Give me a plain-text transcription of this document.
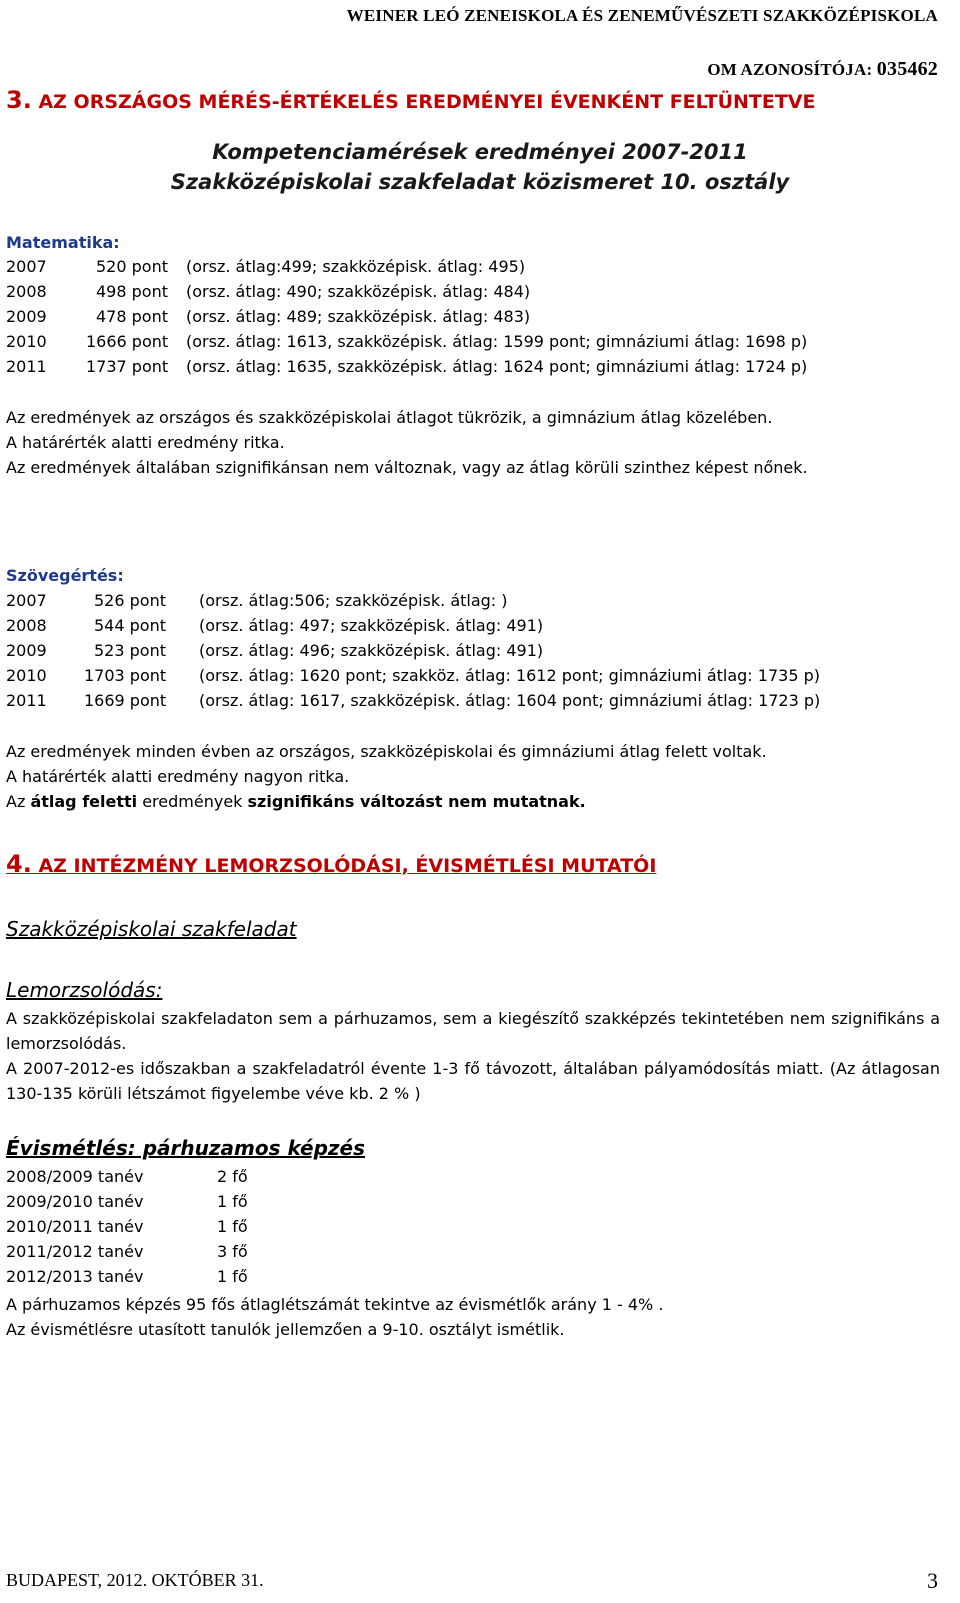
WEINER LEÓ ZENEISKOLA ÉS ZENEMŰVÉSZETI SZAKKÖZÉPISKOLA
OM AZONOSÍTÓJA: 035462
3. AZ ORSZÁGOS MÉRÉS-ÉRTÉKELÉS EREDMÉNYEI ÉVENKÉNT FELTÜNTETVE
Kompetenciamérések eredményei 2007-2011
Szakközépiskolai szakfeladat közismeret 10. osztály
Matematika:
2007	520 pont (orsz. átlag:499; szakközépisk. átlag: 495)
2008	498 pont (orsz. átlag: 490; szakközépisk. átlag: 484)
2009	478 pont (orsz. átlag: 489; szakközépisk. átlag: 483)
2010 1666 pont (orsz. átlag: 1613, szakközépisk. átlag: 1599 pont; gimnáziumi átlag: 1698 p)
2011 1737 pont (orsz. átlag: 1635, szakközépisk. átlag: 1624 pont; gimnáziumi átlag: 1724 p)
Az eredmények az országos és szakközépiskolai átlagot tükrözik, a gimnázium átlag közelében.
A határérték alatti eredmény ritka.
Az eredmények általában szignifikánsan nem változnak, vagy az átlag körüli szinthez képest nőnek.
Szövegértés:
2007	526 pont (orsz. átlag:506; szakközépisk. átlag: )
2008	544 pont (orsz. átlag: 497; szakközépisk. átlag: 491)
2009	523 pont (orsz. átlag: 496; szakközépisk. átlag: 491)
2010 1703 pont (orsz. átlag: 1620 pont; szakköz. átlag: 1612 pont; gimnáziumi átlag: 1735 p)
2011 1669 pont (orsz. átlag: 1617, szakközépisk. átlag: 1604 pont; gimnáziumi átlag: 1723 p)
Az eredmények minden évben az országos, szakközépiskolai és gimnáziumi átlag felett voltak.
A határérték alatti eredmény nagyon ritka.
Az átlag feletti eredmények szignifikáns változást nem mutatnak.
4. AZ INTÉZMÉNY LEMORZSOLÓDÁSI, ÉVISMÉTLÉSI MUTATÓI
Szakközépiskolai szakfeladat
Lemorzsolódás:
A szakközépiskolai szakfeladaton sem a párhuzamos, sem a kiegészítő szakképzés tekintetében nem szignifikáns a lemorzsolódás.
A 2007-2012-es időszakban a szakfeladatról évente 1-3 fő távozott, általában pályamódosítás miatt. (Az átlagosan 130-135 körüli létszámot figyelembe véve kb. 2 % )
Évismétlés: párhuzamos képzés
2008/2009 tanév	2 fő
2009/2010 tanév	1 fő
2010/2011 tanév	1 fő
2011/2012 tanév	3 fő
2012/2013 tanév	1 fő
A párhuzamos képzés 95 fős átlaglétszámát tekintve az évismétlők arány 1 - 4% .
Az évismétlésre utasított tanulók jellemzően a 9-10. osztályt ismétlik.
BUDAPEST, 2012. OKTÓBER 31.	3
